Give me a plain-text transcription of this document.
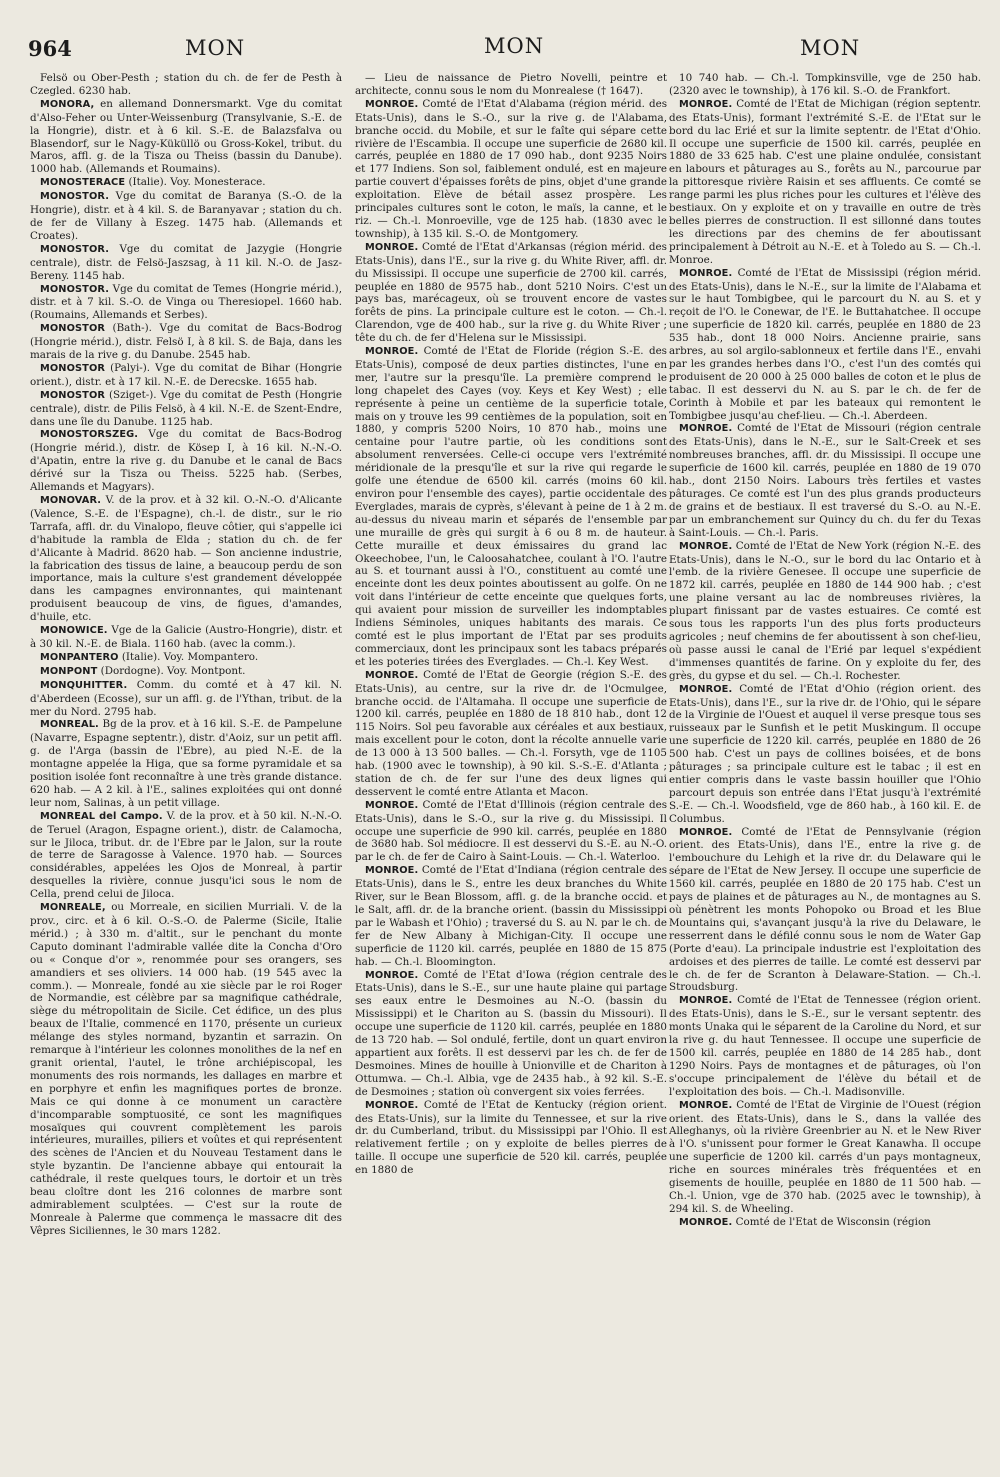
964	MON	MON	MON

Felsö ou Ober-Pesth ; station du ch. de fer de Pesth à Czegled. 6230 hab.

MONORA, en allemand Donnersmarkt. Vge du comitat d'Also-Feher ou Unter-Weissenburg (Transylvanie, S.-E. de la Hongrie), distr. et à 6 kil. S.-E. de Balazsfalva ou Blasendorf, sur le Nagy-Küküllö ou Gross-Kokel, tribut. du Maros, affl. g. de la Tisza ou Theiss (bassin du Danube). 1000 hab. (Allemands et Roumains).

MONOSTERACE (Italie). Voy. Monesterace.

MONOSTOR. Vge du comitat de Baranya (S.-O. de la Hongrie), distr. et à 4 kil. S. de Baranyavar ; station du ch. de fer de Villany à Eszeg. 1475 hab. (Allemands et Croates).

MONOSTOR. Vge du comitat de Jazygie (Hongrie centrale), distr. de Felsö-Jaszsag, à 11 kil. N.-O. de Jasz-Bereny. 1145 hab.

MONOSTOR. Vge du comitat de Temes (Hongrie mérid.), distr. et à 7 kil. S.-O. de Vinga ou Theresiopel. 1660 hab. (Roumains, Allemands et Serbes).

MONOSTOR (Bath-). Vge du comitat de Bacs-Bodrog (Hongrie mérid.), distr. Felsö I, à 8 kil. S. de Baja, dans les marais de la rive g. du Danube. 2545 hab.

MONOSTOR (Palyi-). Vge du comitat de Bihar (Hongrie orient.), distr. et à 17 kil. N.-E. de Derecske. 1655 hab.

MONOSTOR (Sziget-). Vge du comitat de Pesth (Hongrie centrale), distr. de Pilis Felsö, à 4 kil. N.-E. de Szent-Endre, dans une île du Danube. 1125 hab.

MONOSTORSZEG. Vge du comitat de Bacs-Bodrog (Hongrie mérid.), distr. de Kösep I, à 16 kil. N.-N.-O. d'Apatin, entre la rive g. du Danube et le canal de Bacs dérivé sur la Tisza ou Theiss. 5225 hab. (Serbes, Allemands et Magyars).

MONOVAR. V. de la prov. et à 32 kil. O.-N.-O. d'Alicante (Valence, S.-E. de l'Espagne), ch.-l. de distr., sur le rio Tarrafa, affl. dr. du Vinalopo, fleuve côtier, qui s'appelle ici d'habitude la rambla de Elda ; station du ch. de fer d'Alicante à Madrid. 8620 hab. — Son ancienne industrie, la fabrication des tissus de laine, a beaucoup perdu de son importance, mais la culture s'est grandement développée dans les campagnes environnantes, qui maintenant produisent beaucoup de vins, de figues, d'amandes, d'huile, etc.

MONOWICE. Vge de la Galicie (Austro-Hongrie), distr. et à 30 kil. N.-E. de Biala. 1160 hab. (avec la comm.).

MONPANTERO (Italie). Voy. Mompantero.

MONPONT (Dordogne). Voy. Montpont.

MONQUHITTER. Comm. du comté et à 47 kil. N. d'Aberdeen (Ecosse), sur un affl. g. de l'Ythan, tribut. de la mer du Nord. 2795 hab.

MONREAL. Bg de la prov. et à 16 kil. S.-E. de Pampelune (Navarre, Espagne septentr.), distr. d'Aoiz, sur un petit affl. g. de l'Arga (bassin de l'Ebre), au pied N.-E. de la montagne appelée la Higa, que sa forme pyramidale et sa position isolée font reconnaître à une très grande distance. 620 hab. — A 2 kil. à l'E., salines exploitées qui ont donné leur nom, Salinas, à un petit village.

MONREAL del Campo. V. de la prov. et à 50 kil. N.-N.-O. de Teruel (Aragon, Espagne orient.), distr. de Calamocha, sur le Jiloca, tribut. dr. de l'Ebre par le Jalon, sur la route de terre de Saragosse à Valence. 1970 hab. — Sources considérables, appelées les Ojos de Monreal, à partir desquelles la rivière, connue jusqu'ici sous le nom de Cella, prend celui de Jiloca.

MONREALE, ou Morreale, en sicilien Murriali. V. de la prov., circ. et à 6 kil. O.-S.-O. de Palerme (Sicile, Italie mérid.) ; à 330 m. d'altit., sur le penchant du monte Caputo dominant l'admirable vallée dite la Concha d'Oro ou « Conque d'or », renommée pour ses orangers, ses amandiers et ses oliviers. 14 000 hab. (19 545 avec la comm.). — Monreale, fondé au xie siècle par le roi Roger de Normandie, est célèbre par sa magnifique cathédrale, siège du métropolitain de Sicile. Cet édifice, un des plus beaux de l'Italie, commencé en 1170, présente un curieux mélange des styles normand, byzantin et sarrazin. On remarque à l'intérieur les colonnes monolithes de la nef en granit oriental, l'autel, le trône archiépiscopal, les monuments des rois normands, les dallages en marbre et en porphyre et enfin les magnifiques portes de bronze. Mais ce qui donne à ce monument un caractère d'incomparable somptuosité, ce sont les magnifiques mosaïques qui couvrent complètement les parois intérieures, murailles, piliers et voûtes et qui représentent des scènes de l'Ancien et du Nouveau Testament dans le style byzantin. De l'ancienne abbaye qui entourait la cathédrale, il reste quelques tours, le dortoir et un très beau cloître dont les 216 colonnes de marbre sont admirablement sculptées. — C'est sur la route de Monreale à Palerme que commença le massacre dit des Vêpres Siciliennes, le 30 mars 1282.

— Lieu de naissance de Pietro Novelli, peintre et architecte, connu sous le nom du Monrealese († 1647).

MONROE. Comté de l'Etat d'Alabama (région mérid. des Etats-Unis), dans le S.-O., sur la rive g. de l'Alabama, branche occid. du Mobile, et sur le faîte qui sépare cette rivière de l'Escambia. Il occupe une superficie de 2680 kil. carrés, peuplée en 1880 de 17 090 hab., dont 9235 Noirs et 177 Indiens. Son sol, faiblement ondulé, est en majeure partie couvert d'épaisses forêts de pins, objet d'une grande exploitation. Elève de bétail assez prospère. Les principales cultures sont le coton, le maïs, la canne, et le riz. — Ch.-l. Monroeville, vge de 125 hab. (1830 avec le township), à 135 kil. S.-O. de Montgomery.

MONROE. Comté de l'Etat d'Arkansas (région mérid. des Etats-Unis), dans l'E., sur la rive g. du White River, affl. dr. du Mississipi. Il occupe une superficie de 2700 kil. carrés, peuplée en 1880 de 9575 hab., dont 5210 Noirs. C'est un pays bas, marécageux, où se trouvent encore de vastes forêts de pins. La principale culture est le coton. — Ch.-l. Clarendon, vge de 400 hab., sur la rive g. du White River ; tête du ch. de fer d'Helena sur le Mississipi.

MONROE. Comté de l'Etat de Floride (région S.-E. des Etats-Unis), composé de deux parties distinctes, l'une en mer, l'autre sur la presqu'île. La première comprend le long chapelet des Cayes (voy. Keys et Key West) ; elle représente à peine un centième de la superficie totale, mais on y trouve les 99 centièmes de la population, soit en 1880, y compris 5200 Noirs, 10 870 hab., moins une centaine pour l'autre partie, où les conditions sont absolument renversées. Celle-ci occupe vers l'extrémité méridionale de la presqu'île et sur la rive qui regarde le golfe une étendue de 6500 kil. carrés (moins 60 kil. environ pour l'ensemble des cayes), partie occidentale des Everglades, marais de cyprès, s'élevant à peine de 1 à 2 m. au-dessus du niveau marin et séparés de l'ensemble par une muraille de grès qui surgit à 6 ou 8 m. de hauteur. Cette muraille et deux émissaires du grand lac Okeechobee, l'un, le Caloosahatchee, coulant à l'O. l'autre au S. et tournant aussi à l'O., constituent au comté une enceinte dont les deux pointes aboutissent au golfe. On ne voit dans l'intérieur de cette enceinte que quelques forts, qui avaient pour mission de surveiller les indomptables Indiens Séminoles, uniques habitants des marais. Ce comté est le plus important de l'Etat par ses produits commerciaux, dont les principaux sont les tabacs préparés et les poteries tirées des Everglades. — Ch.-l. Key West.

MONROE. Comté de l'Etat de Georgie (région S.-E. des Etats-Unis), au centre, sur la rive dr. de l'Ocmulgee, branche occid. de l'Altamaha. Il occupe une superficie de 1200 kil. carrés, peuplée en 1880 de 18 810 hab., dont 12 115 Noirs. Sol peu favorable aux céréales et aux bestiaux, mais excellent pour le coton, dont la récolte annuelle varie de 13 000 à 13 500 balles. — Ch.-l. Forsyth, vge de 1105 hab. (1900 avec le township), à 90 kil. S.-S.-E. d'Atlanta ; station de ch. de fer sur l'une des deux lignes qui desservent le comté entre Atlanta et Macon.

MONROE. Comté de l'Etat d'Illinois (région centrale des Etats-Unis), dans le S.-O., sur la rive g. du Mississipi. Il occupe une superficie de 990 kil. carrés, peuplée en 1880 de 3680 hab. Sol médiocre. Il est desservi du S.-E. au N.-O. par le ch. de fer de Cairo à Saint-Louis. — Ch.-l. Waterloo.

MONROE. Comté de l'Etat d'Indiana (région centrale des Etats-Unis), dans le S., entre les deux branches du White River, sur le Bean Blossom, affl. g. de la branche occid. et le Salt, affl. dr. de la branche orient. (bassin du Mississippi par le Wabash et l'Ohio) ; traversé du S. au N. par le ch. de fer de New Albany à Michigan-City. Il occupe une superficie de 1120 kil. carrés, peuplée en 1880 de 15 875 hab. — Ch.-l. Bloomington.

MONROE. Comté de l'Etat d'Iowa (région centrale des Etats-Unis), dans le S.-E., sur une haute plaine qui partage ses eaux entre le Desmoines au N.-O. (bassin du Mississippi) et le Chariton au S. (bassin du Missouri). Il occupe une superficie de 1120 kil. carrés, peuplée en 1880 de 13 720 hab. — Sol ondulé, fertile, dont un quart environ appartient aux forêts. Il est desservi par les ch. de fer de Desmoines. Mines de houille à Unionville et de Chariton à Ottumwa. — Ch.-l. Albia, vge de 2435 hab., à 92 kil. S.-E. de Desmoines ; station où convergent six voies ferrées.

MONROE. Comté de l'Etat de Kentucky (région orient. des Etats-Unis), sur la limite du Tennessee, et sur la rive dr. du Cumberland, tribut. du Mississippi par l'Ohio. Il est relativement fertile ; on y exploite de belles pierres de taille. Il occupe une superficie de 520 kil. carrés, peuplée en 1880 de

10 740 hab. — Ch.-l. Tompkinsville, vge de 250 hab. (2320 avec le township), à 176 kil. S.-O. de Frankfort.

MONROE. Comté de l'Etat de Michigan (région septentr. des Etats-Unis), formant l'extrémité S.-E. de l'Etat sur le bord du lac Erié et sur la limite septentr. de l'Etat d'Ohio. Il occupe une superficie de 1500 kil. carrés, peuplée en 1880 de 33 625 hab. C'est une plaine ondulée, consistant en labours et pâturages au S., forêts au N., parcourue par la pittoresque rivière Raisin et ses affluents. Ce comté se range parmi les plus riches pour les cultures et l'élève des bestiaux. On y exploite et on y travaille en outre de très belles pierres de construction. Il est sillonné dans toutes les directions par des chemins de fer aboutissant principalement à Détroit au N.-E. et à Toledo au S. — Ch.-l. Monroe.

MONROE. Comté de l'Etat de Mississipi (région mérid. des Etats-Unis), dans le N.-E., sur la limite de l'Alabama et sur le haut Tombigbee, qui le parcourt du N. au S. et y reçoit de l'O. le Conewar, de l'E. le Buttahatchee. Il occupe une superficie de 1820 kil. carrés, peuplée en 1880 de 23 535 hab., dont 18 000 Noirs. Ancienne prairie, sans arbres, au sol argilo-sablonneux et fertile dans l'E., envahi par les grandes herbes dans l'O., c'est l'un des comtés qui produisent de 20 000 à 25 000 balles de coton et le plus de tabac. Il est desservi du N. au S. par le ch. de fer de Corinth à Mobile et par les bateaux qui remontent le Tombigbee jusqu'au chef-lieu. — Ch.-l. Aberdeen.

MONROE. Comté de l'Etat de Missouri (région centrale des Etats-Unis), dans le N.-E., sur le Salt-Creek et ses nombreuses branches, affl. dr. du Mississipi. Il occupe une superficie de 1600 kil. carrés, peuplée en 1880 de 19 070 hab., dont 2150 Noirs. Labours très fertiles et vastes pâturages. Ce comté est l'un des plus grands producteurs de grains et de bestiaux. Il est traversé du S.-O. au N.-E. par un embranchement sur Quincy du ch. du fer du Texas à Saint-Louis. — Ch.-l. Paris.

MONROE. Comté de l'Etat de New York (région N.-E. des Etats-Unis), dans le N.-O., sur le bord du lac Ontario et à l'emb. de la rivière Genesee. Il occupe une superficie de 1872 kil. carrés, peuplée en 1880 de 144 900 hab. ; c'est une plaine versant au lac de nombreuses rivières, la plupart finissant par de vastes estuaires. Ce comté est sous tous les rapports l'un des plus forts producteurs agricoles ; neuf chemins de fer aboutissent à son chef-lieu, où passe aussi le canal de l'Erié par lequel s'expédient d'immenses quantités de farine. On y exploite du fer, des grès, du gypse et du sel. — Ch.-l. Rochester.

MONROE. Comté de l'Etat d'Ohio (région orient. des Etats-Unis), dans l'E., sur la rive dr. de l'Ohio, qui le sépare de la Virginie de l'Ouest et auquel il verse presque tous ses ruisseaux par le Sunfish et le petit Muskingum. Il occupe une superficie de 1220 kil. carrés, peuplée en 1880 de 26 500 hab. C'est un pays de collines boisées, et de bons pâturages ; sa principale culture est le tabac ; il est en entier compris dans le vaste bassin houiller que l'Ohio parcourt depuis son entrée dans l'Etat jusqu'à l'extrémité S.-E. — Ch.-l. Woodsfield, vge de 860 hab., à 160 kil. E. de Columbus.

MONROE. Comté de l'Etat de Pennsylvanie (région orient. des Etats-Unis), dans l'E., entre la rive g. de l'embouchure du Lehigh et la rive dr. du Delaware qui le sépare de l'Etat de New Jersey. Il occupe une superficie de 1560 kil. carrés, peuplée en 1880 de 20 175 hab. C'est un pays de plaines et de pâturages au N., de montagnes au S. où pénètrent les monts Pohopoko ou Broad et les Blue Mountains qui, s'avançant jusqu'à la rive du Delaware, le resserrent dans le défilé connu sous le nom de Water Gap (Porte d'eau). La principale industrie est l'exploitation des ardoises et des pierres de taille. Le comté est desservi par le ch. de fer de Scranton à Delaware-Station. — Ch.-l. Stroudsburg.

MONROE. Comté de l'Etat de Tennessee (région orient. des Etats-Unis), dans le S.-E., sur le versant septentr. des monts Unaka qui le séparent de la Caroline du Nord, et sur la rive g. du haut Tennessee. Il occupe une superficie de 1500 kil. carrés, peuplée en 1880 de 14 285 hab., dont 1290 Noirs. Pays de montagnes et de pâturages, où l'on s'occupe principalement de l'élève du bétail et de l'exploitation des bois. — Ch.-l. Madisonville.

MONROE. Comté de l'Etat de Virginie de l'Ouest (région orient. des Etats-Unis), dans le S., dans la vallée des Alleghanys, où la rivière Greenbrier au N. et le New River à l'O. s'unissent pour former le Great Kanawha. Il occupe une superficie de 1200 kil. carrés d'un pays montagneux, riche en sources minérales très fréquentées et en gisements de houille, peuplée en 1880 de 11 500 hab. — Ch.-l. Union, vge de 370 hab. (2025 avec le township), à 294 kil. S. de Wheeling.

MONROE. Comté de l'Etat de Wisconsin (région
